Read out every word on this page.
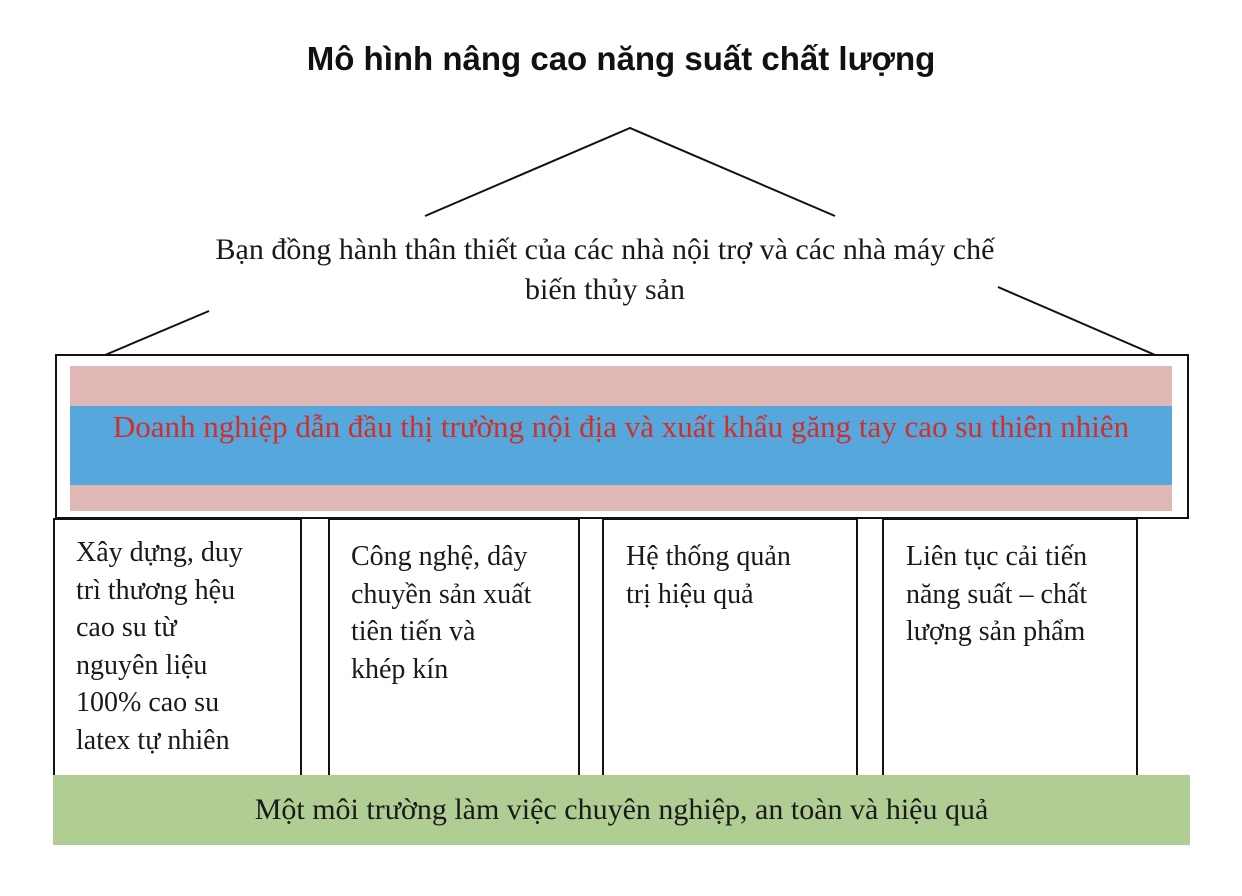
Mô hình nâng cao năng suất chất lượng
Bạn đồng hành thân thiết của các nhà nội trợ và các nhà máy chế biến thủy sản
Doanh nghiệp dẫn đầu thị trường nội địa và xuất khẩu găng tay cao su thiên nhiên
Xây dựng, duy
trì thương hệu
cao su từ
nguyên liệu
100% cao su
latex tự nhiên
Công nghệ, dây
chuyền sản xuất
tiên tiến và
khép kín
Hệ thống quản
trị hiệu quả
Liên tục cải tiến
năng suất – chất
lượng sản phẩm
Một môi trường làm việc chuyên nghiệp, an toàn và hiệu quả
